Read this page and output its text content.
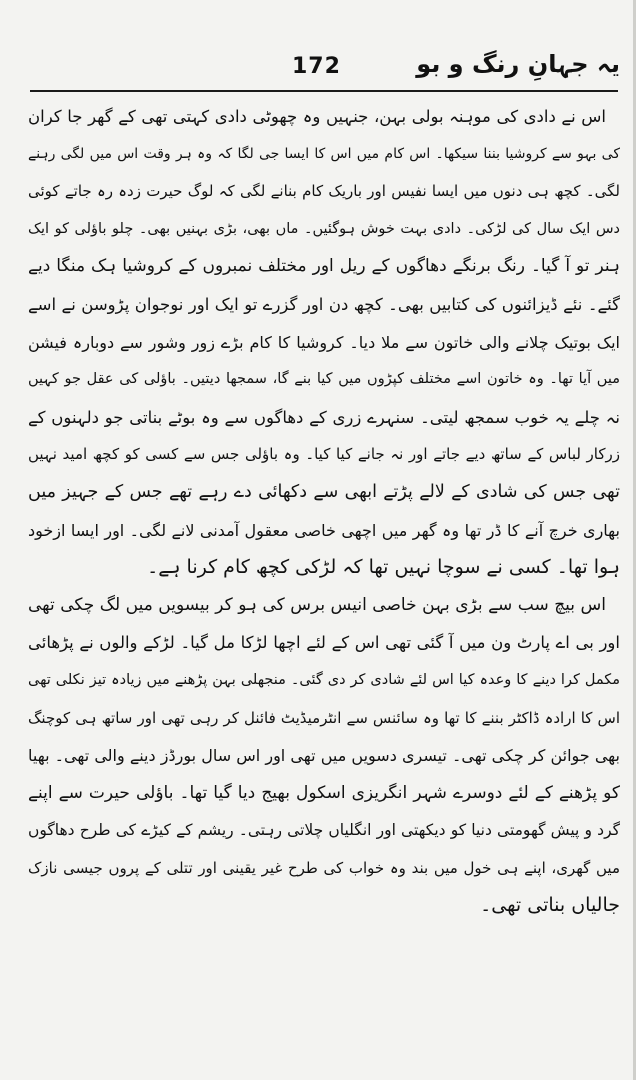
172	یہ جہانِ رنگ و بو
اس نے دادی کی موہنہ بولی بہن، جنہیں وہ چھوٹی دادی کہتی تھی کے گھر جا کران
کی بہو سے کروشیا بننا سیکھا۔ اس کام میں اس کا ایسا جی لگا کہ وہ ہر وقت اس میں لگی رہنے
لگی۔ کچھ ہی دنوں میں ایسا نفیس اور باریک کام بنانے لگی کہ لوگ حیرت زدہ رہ جاتے کوئی
دس ایک سال کی لڑکی۔ دادی بہت خوش ہوگئیں۔ ماں بھی، بڑی بہنیں بھی۔ چلو باؤلی کو ایک
ہنر تو آ گیا۔ رنگ برنگے دھاگوں کے ریل اور مختلف نمبروں کے کروشیا ہک منگا دیے
گئے۔ نئے ڈیزائنوں کی کتابیں بھی۔ کچھ دن اور گزرے تو ایک اور نوجوان پڑوسن نے اسے
ایک بوتیک چلانے والی خاتون سے ملا دیا۔ کروشیا کا کام بڑے زور وشور سے دوبارہ فیشن
میں آیا تھا۔ وہ خاتون اسے مختلف کپڑوں میں کیا بنے گا، سمجھا دیتیں۔ باؤلی کی عقل جو کہیں
نہ چلے یہ خوب سمجھ لیتی۔ سنہرے زری کے دھاگوں سے وہ بوٹے بناتی جو دلہنوں کے
زرکار لباس کے ساتھ دیے جاتے اور نہ جانے کیا کیا۔ وہ باؤلی جس سے کسی کو کچھ امید نہیں
تھی جس کی شادی کے لالے پڑتے ابھی سے دکھائی دے رہے تھے جس کے جہیز میں
بھاری خرچ آنے کا ڈر تھا وہ گھر میں اچھی خاصی معقول آمدنی لانے لگی۔ اور ایسا ازخود
ہوا تھا۔ کسی نے سوچا نہیں تھا کہ لڑکی کچھ کام کرنا ہے۔
اس بیچ سب سے بڑی بہن خاصی انیس برس کی ہو کر بیسویں میں لگ چکی تھی
اور بی اے پارٹ ون میں آ گئی تھی اس کے لئے اچھا لڑکا مل گیا۔ لڑکے والوں نے پڑھائی
مکمل کرا دینے کا وعدہ کیا اس لئے شادی کر دی گئی۔ منجھلی بہن پڑھنے میں زیادہ تیز نکلی تھی
اس کا ارادہ ڈاکٹر بننے کا تھا وہ سائنس سے انٹرمیڈیٹ فائنل کر رہی تھی اور ساتھ ہی کوچنگ
بھی جوائن کر چکی تھی۔ تیسری دسویں میں تھی اور اس سال بورڈز دینے والی تھی۔ بھیا
کو پڑھنے کے لئے دوسرے شہر انگریزی اسکول بھیج دیا گیا تھا۔ باؤلی حیرت سے اپنے
گرد و پیش گھومتی دنیا کو دیکھتی اور انگلیاں چلاتی رہتی۔ ریشم کے کیڑے کی طرح دھاگوں
میں گھری، اپنے ہی خول میں بند وہ خواب کی طرح غیر یقینی اور تتلی کے پروں جیسی نازک
جالیاں بناتی تھی۔
